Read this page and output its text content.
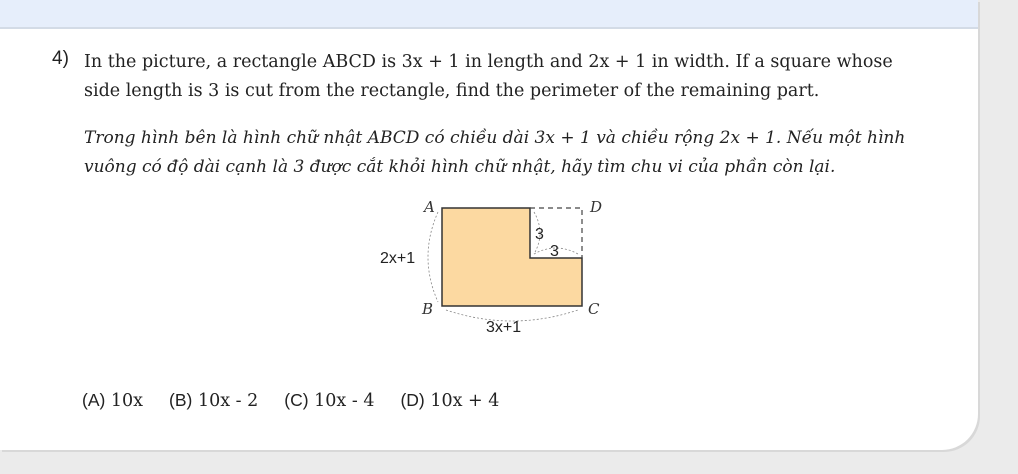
4) In the picture, a rectangle ABCD is 3x + 1 in length and 2x + 1 in width. If a square whose side length is 3 is cut from the rectangle, find the perimeter of the remaining part.
Trong hình bên là hình chữ nhật ABCD có chiều dài 3x + 1 và chiều rộng 2x + 1. Nếu một hình vuông có độ dài cạnh là 3 được cắt khỏi hình chữ nhật, hãy tìm chu vi của phần còn lại.
A	D
B	C
2x+1
3x+1
3
3
(A) 10x (B) 10x - 2 (C) 10x - 4 (D) 10x + 4
